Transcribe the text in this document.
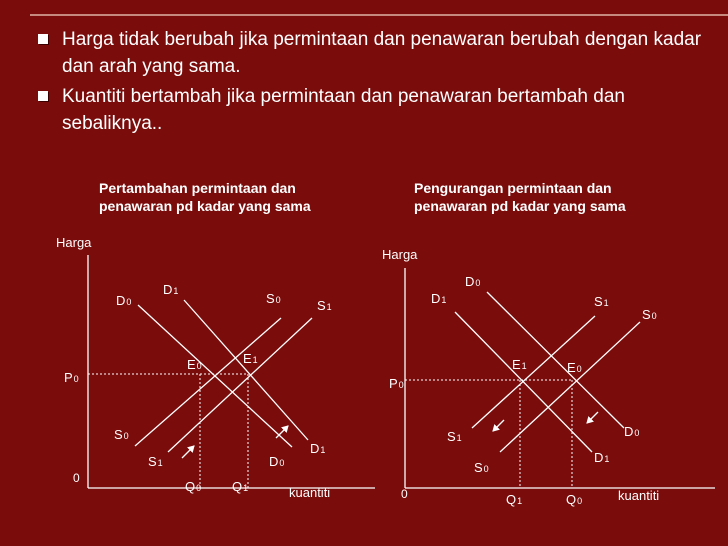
Harga tidak berubah jika permintaan dan penawaran berubah dengan kadar dan arah yang sama.
Kuantiti bertambah jika permintaan dan penawaran bertambah dan sebaliknya..
Pertambahan permintaan dan
penawaran pd kadar yang sama
Pengurangan permintaan dan
penawaran pd kadar yang sama
Harga
kuantiti
0
P0
Q0 Q1
E0	E1
D0
D0
D1
D1
S0
S0
S1
S1
Harga
kuantiti
0
P0
Q1	Q0
E1	E0
D0
D0
D1
D1
S1
S1
S0
S0
